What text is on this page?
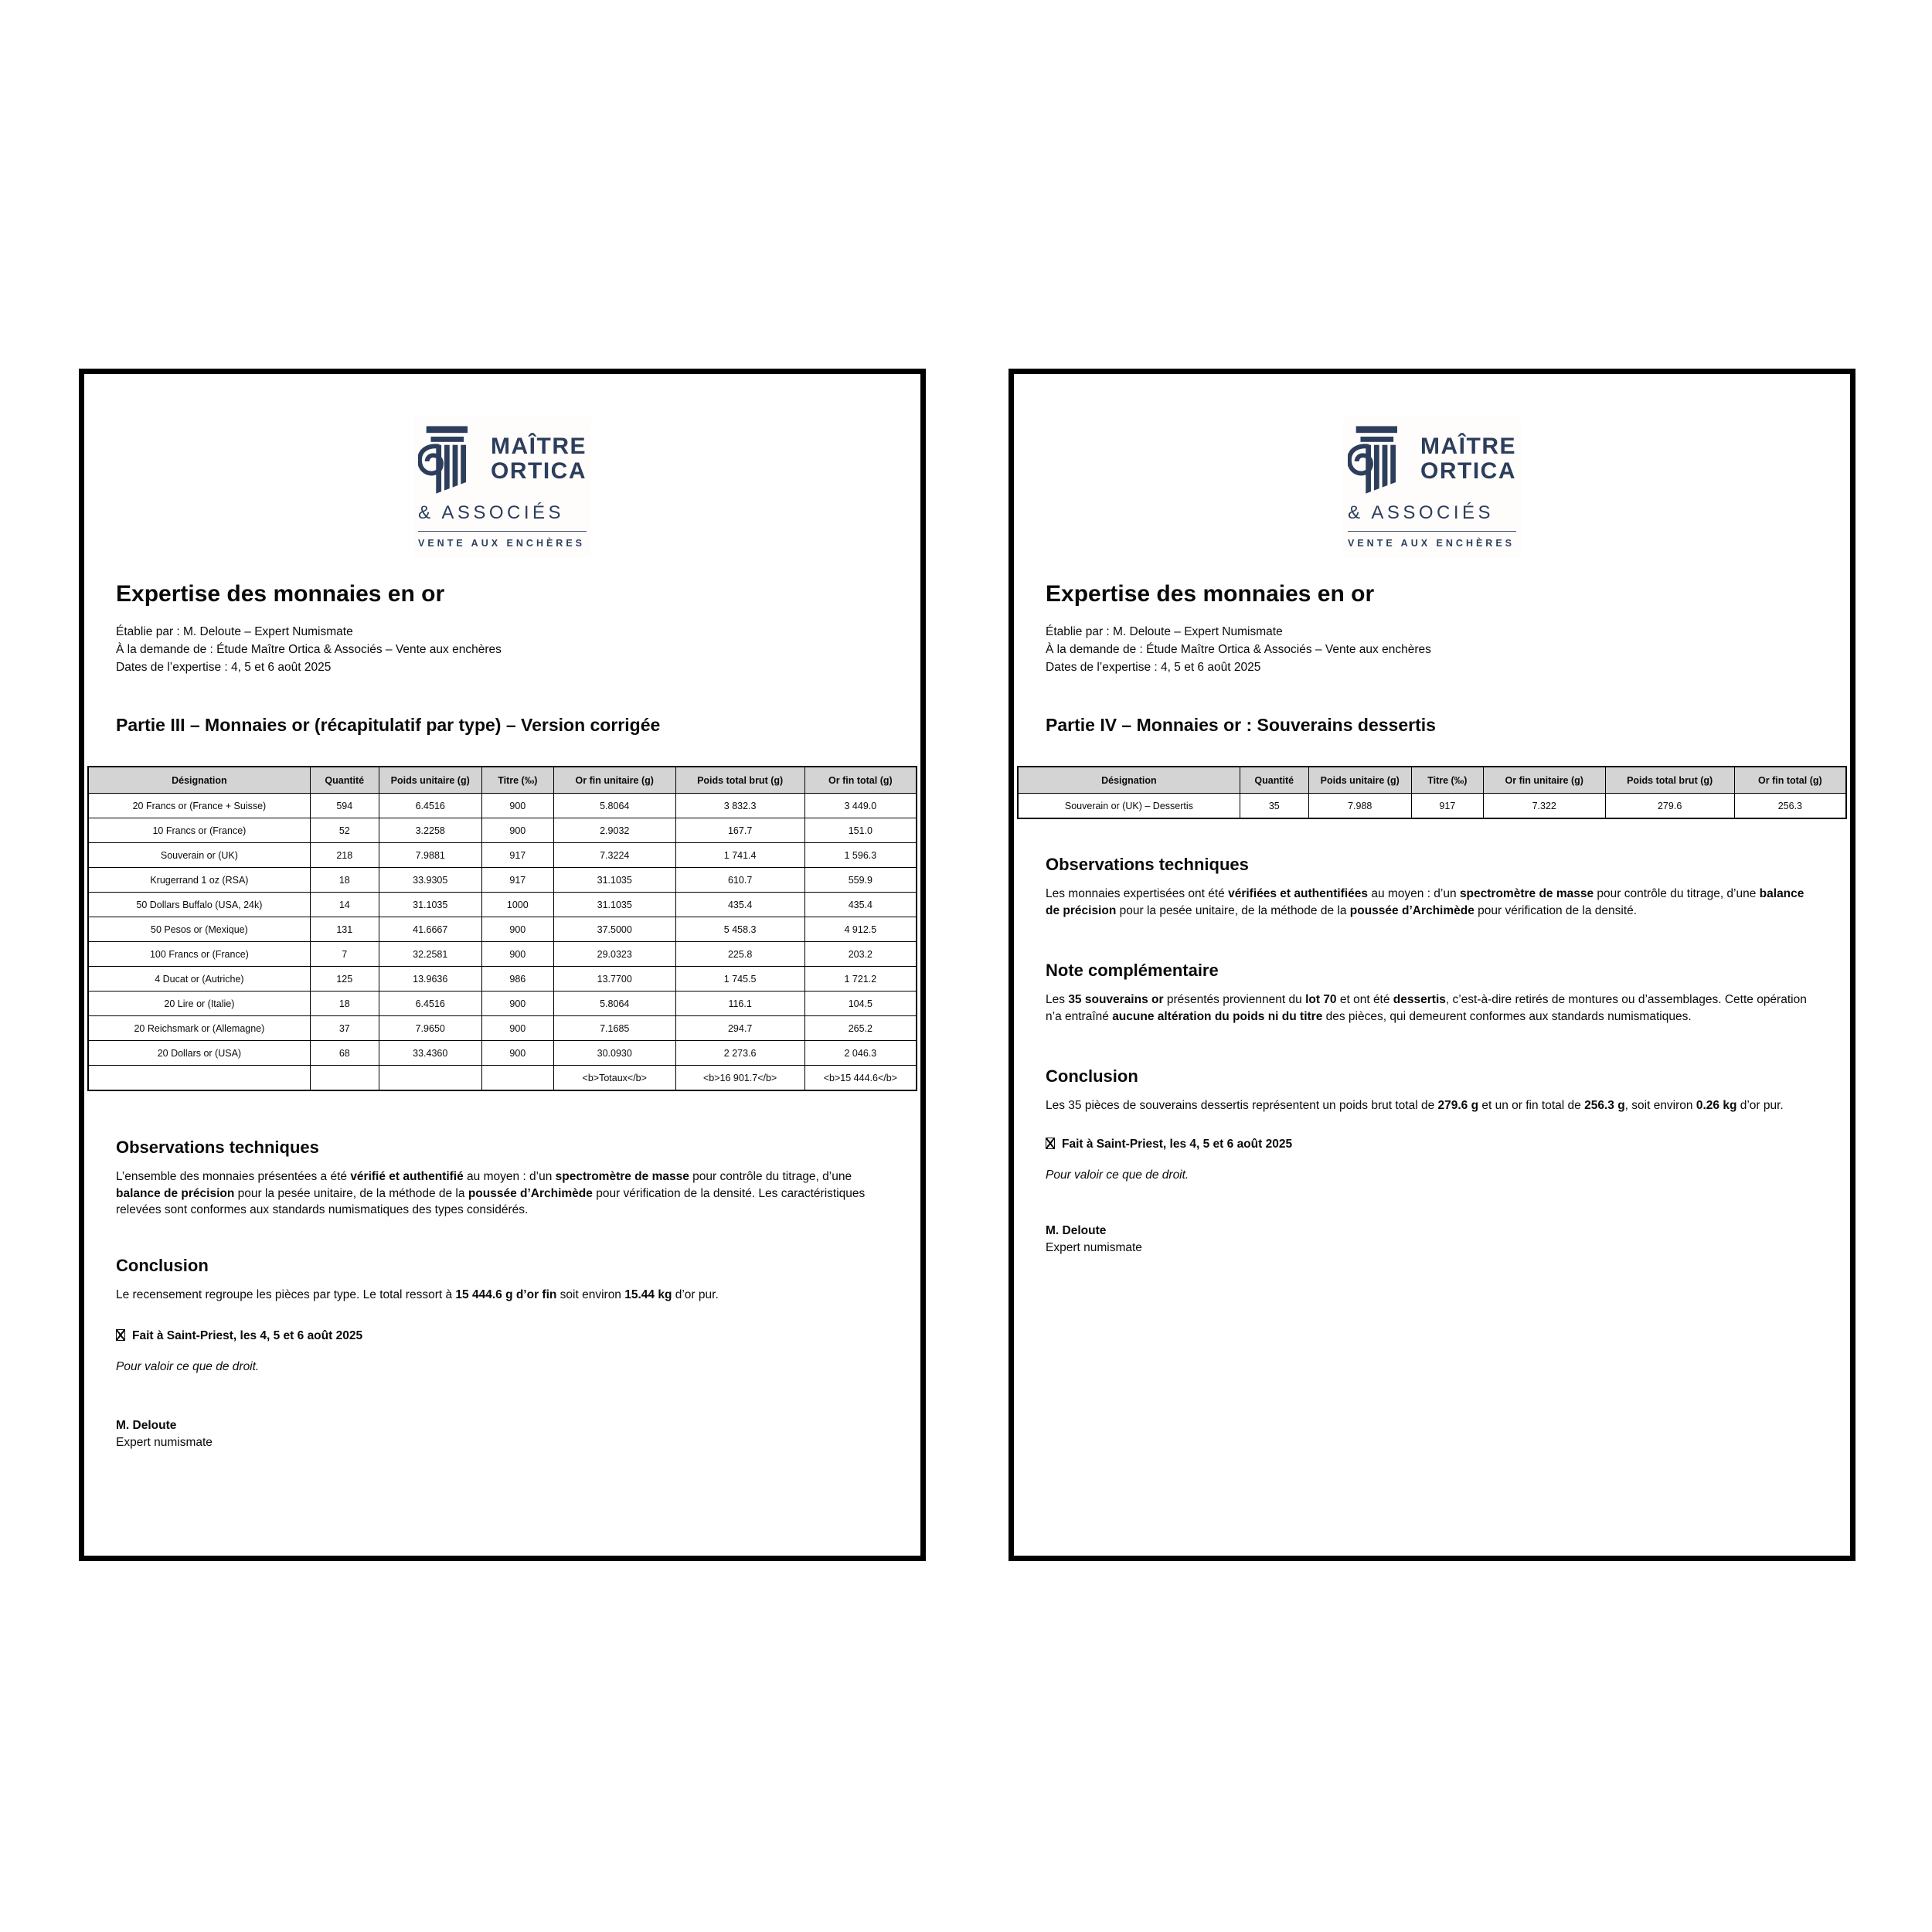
MAÎTRE
ORTICA
& ASSOCIÉS
VENTE AUX ENCHÈRES
Expertise des monnaies en or
Établie par : M. Deloute – Expert Numismate
À la demande de : Étude Maître Ortica & Associés – Vente aux enchères
Dates de l’expertise : 4, 5 et 6 août 2025
Partie III – Monnaies or (récapitulatif par type) – Version corrigée
Désignation	Quantité	Poids unitaire (g)	Titre (‰)	Or fin unitaire (g)	Poids total brut (g)	Or fin total (g)
20 Francs or (France + Suisse)	594	6.4516	900	5.8064	3 832.3	3 449.0
10 Francs or (France)	52	3.2258	900	2.9032	167.7	151.0
Souverain or (UK)	218	7.9881	917	7.3224	1 741.4	1 596.3
Krugerrand 1 oz (RSA)	18	33.9305	917	31.1035	610.7	559.9
50 Dollars Buffalo (USA, 24k)	14	31.1035	1000	31.1035	435.4	435.4
50 Pesos or (Mexique)	131	41.6667	900	37.5000	5 458.3	4 912.5
100 Francs or (France)	7	32.2581	900	29.0323	225.8	203.2
4 Ducat or (Autriche)	125	13.9636	986	13.7700	1 745.5	1 721.2
20 Lire or (Italie)	18	6.4516	900	5.8064	116.1	104.5
20 Reichsmark or (Allemagne)	37	7.9650	900	7.1685	294.7	265.2
20 Dollars or (USA)	68	33.4360	900	30.0930	2 273.6	2 046.3
				<b>Totaux</b>	<b>16 901.7</b>	<b>15 444.6</b>
Observations techniques

L’ensemble des monnaies présentées a été vérifié et authentifié au moyen : d’un spectromètre de masse pour contrôle du titrage, d’une balance de précision pour la pesée unitaire, de la méthode de la poussée d’Archimède pour vérification de la densité. Les caractéristiques relevées sont conformes aux standards numismatiques des types considérés.

Conclusion

Le recensement regroupe les pièces par type. Le total ressort à 15 444.6 g d’or fin soit environ 15.44 kg d’or pur.

Fait à Saint-Priest, les 4, 5 et 6 août 2025

Pour valoir ce que de droit.

M. Deloute
Expert numismate
MAÎTRE
ORTICA
& ASSOCIÉS
VENTE AUX ENCHÈRES
Expertise des monnaies en or
Établie par : M. Deloute – Expert Numismate
À la demande de : Étude Maître Ortica & Associés – Vente aux enchères
Dates de l’expertise : 4, 5 et 6 août 2025
Partie IV – Monnaies or : Souverains dessertis
Désignation	Quantité	Poids unitaire (g)	Titre (‰)	Or fin unitaire (g)	Poids total brut (g)	Or fin total (g)
Souverain or (UK) – Dessertis	35	7.988	917	7.322	279.6	256.3
Observations techniques

Les monnaies expertisées ont été vérifiées et authentifiées au moyen : d’un spectromètre de masse pour contrôle du titrage, d’une balance de précision pour la pesée unitaire, de la méthode de la poussée d’Archimède pour vérification de la densité.

Note complémentaire

Les 35 souverains or présentés proviennent du lot 70 et ont été dessertis, c’est-à-dire retirés de montures ou d’assemblages. Cette opération n’a entraîné aucune altération du poids ni du titre des pièces, qui demeurent conformes aux standards numismatiques.

Conclusion

Les 35 pièces de souverains dessertis représentent un poids brut total de 279.6 g et un or fin total de 256.3 g, soit environ 0.26 kg d’or pur.

Fait à Saint-Priest, les 4, 5 et 6 août 2025

Pour valoir ce que de droit.

M. Deloute
Expert numismate
